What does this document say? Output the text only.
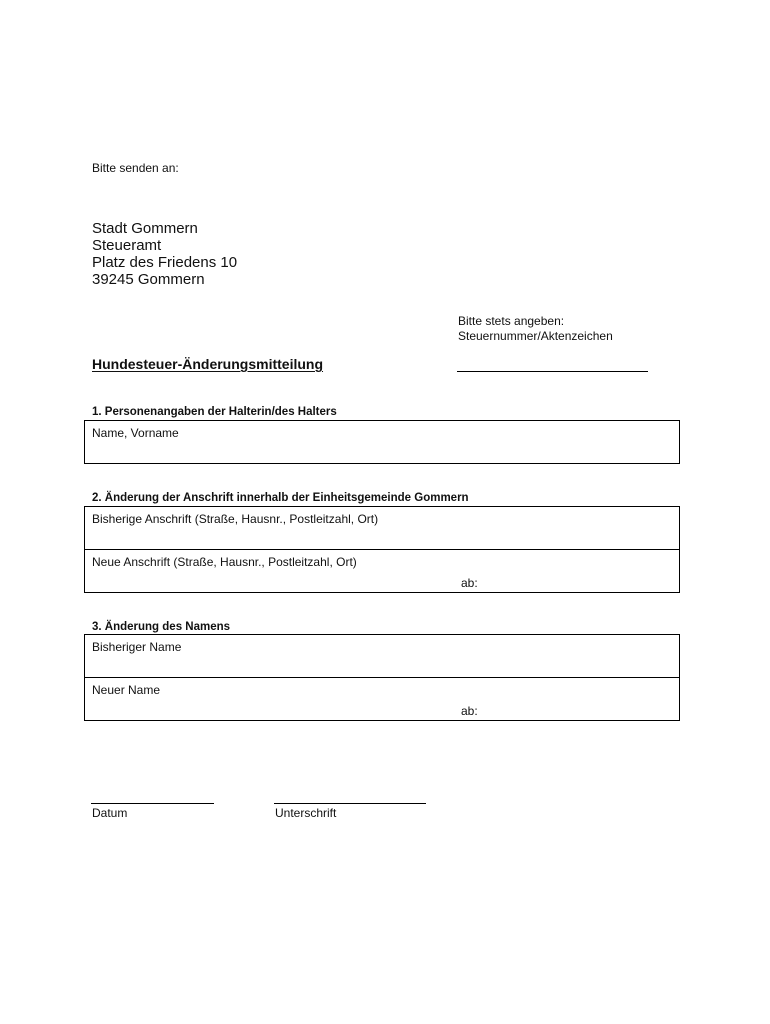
Bitte senden an:
Stadt Gommern
Steueramt
Platz des Friedens 10
39245 Gommern
Bitte stets angeben:
Steuernummer/Aktenzeichen
Hundesteuer-Änderungsmitteilung
1. Personenangaben der Halterin/des Halters
Name, Vorname
2. Änderung der Anschrift innerhalb der Einheitsgemeinde Gommern
Bisherige Anschrift (Straße, Hausnr., Postleitzahl, Ort)
Neue Anschrift (Straße, Hausnr., Postleitzahl, Ort)
ab:
3. Änderung des Namens
Bisheriger Name
Neuer Name
ab:
Datum	Unterschrift
